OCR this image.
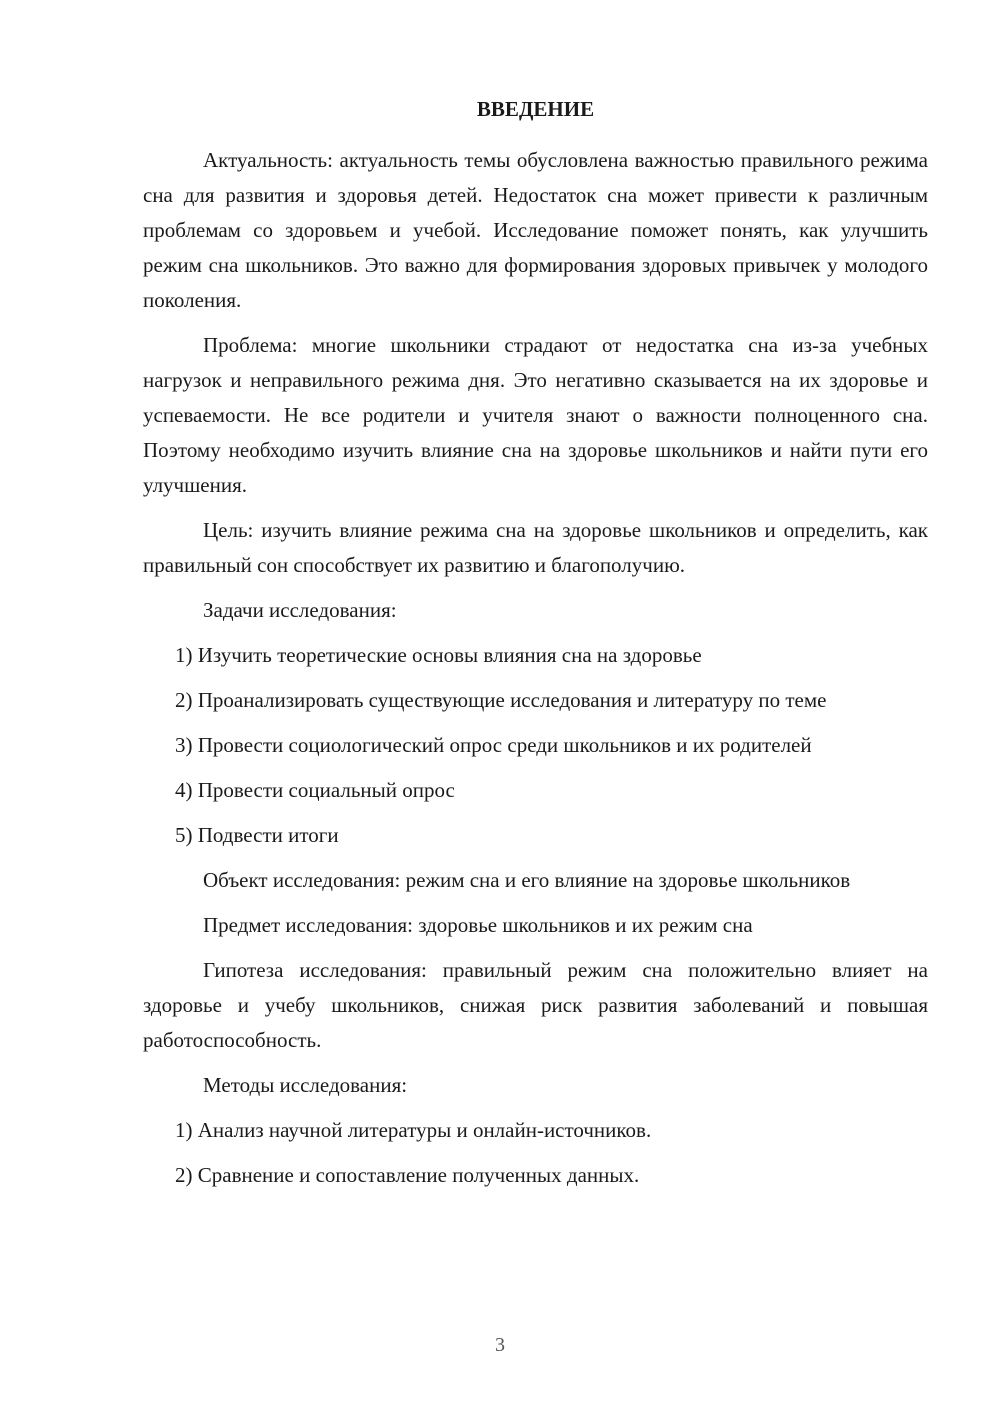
ВВЕДЕНИЕ

Актуальность: актуальность темы обусловлена важностью правильного режима сна для развития и здоровья детей. Недостаток сна может привести к различным проблемам со здоровьем и учебой. Исследование поможет понять, как улучшить режим сна школьников. Это важно для формирования здоровых привычек у молодого поколения.

Проблема: многие школьники страдают от недостатка сна из-за учебных нагрузок и неправильного режима дня. Это негативно сказывается на их здоровье и успеваемости. Не все родители и учителя знают о важности полноценного сна. Поэтому необходимо изучить влияние сна на здоровье школьников и найти пути его улучшения.

Цель: изучить влияние режима сна на здоровье школьников и определить, как правильный сон способствует их развитию и благополучию.

Задачи исследования:

1) Изучить теоретические основы влияния сна на здоровье

2) Проанализировать существующие исследования и литературу по теме

3) Провести социологический опрос среди школьников и их родителей

4) Провести социальный опрос

5) Подвести итоги

Объект исследования: режим сна и его влияние на здоровье школьников

Предмет исследования: здоровье школьников и их режим сна

Гипотеза исследования: правильный режим сна положительно влияет на здоровье и учебу школьников, снижая риск развития заболеваний и повышая работоспособность.

Методы исследования:

1) Анализ научной литературы и онлайн-источников.

2) Сравнение и сопоставление полученных данных.

3
